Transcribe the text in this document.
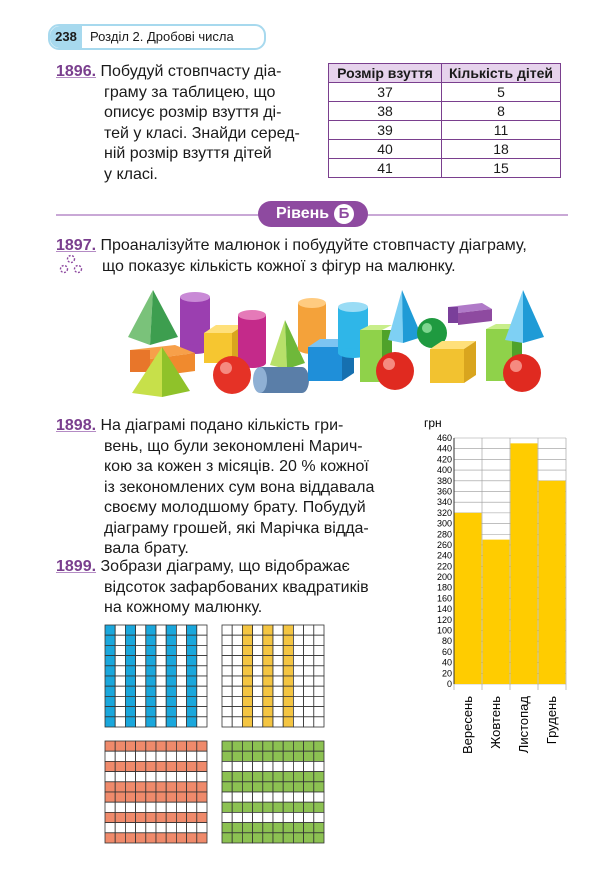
238	Розділ 2. Дробові числа
1896. Побудуй стовпчасту діа-
граму за таблицею, що
описує розмір взуття ді-
тей у класі. Знайди серед-
ній розмір взуття дітей
у класі.
Розмір взуття	Кількість дітей
37	5
38	8
39	11
40	18
41	15
Рівень Б
1897. Проаналізуйте малюнок і побудуйте стовпчасту діаграму,
що показує кількість кожної з фігур на малюнку.
1898. На діаграмі подано кількість гри-
вень, що були зекономлені Марич-
кою за кожен з місяців. 20 % кожної
із зекономлених сум вона віддавала
своєму молодшому брату. Побудуй
діаграму грошей, які Марічка відда-
вала брату.
1899. Зобрази діаграму, що відображає
відсоток зафарбованих квадратиків
на кожному малюнку.
грн
0
20
40
60
80
100
120
140
160
180
200
220
240
260
280
300
320
340
360
380
400
420
440
460
Вересень Жовтень Листопад Грудень
